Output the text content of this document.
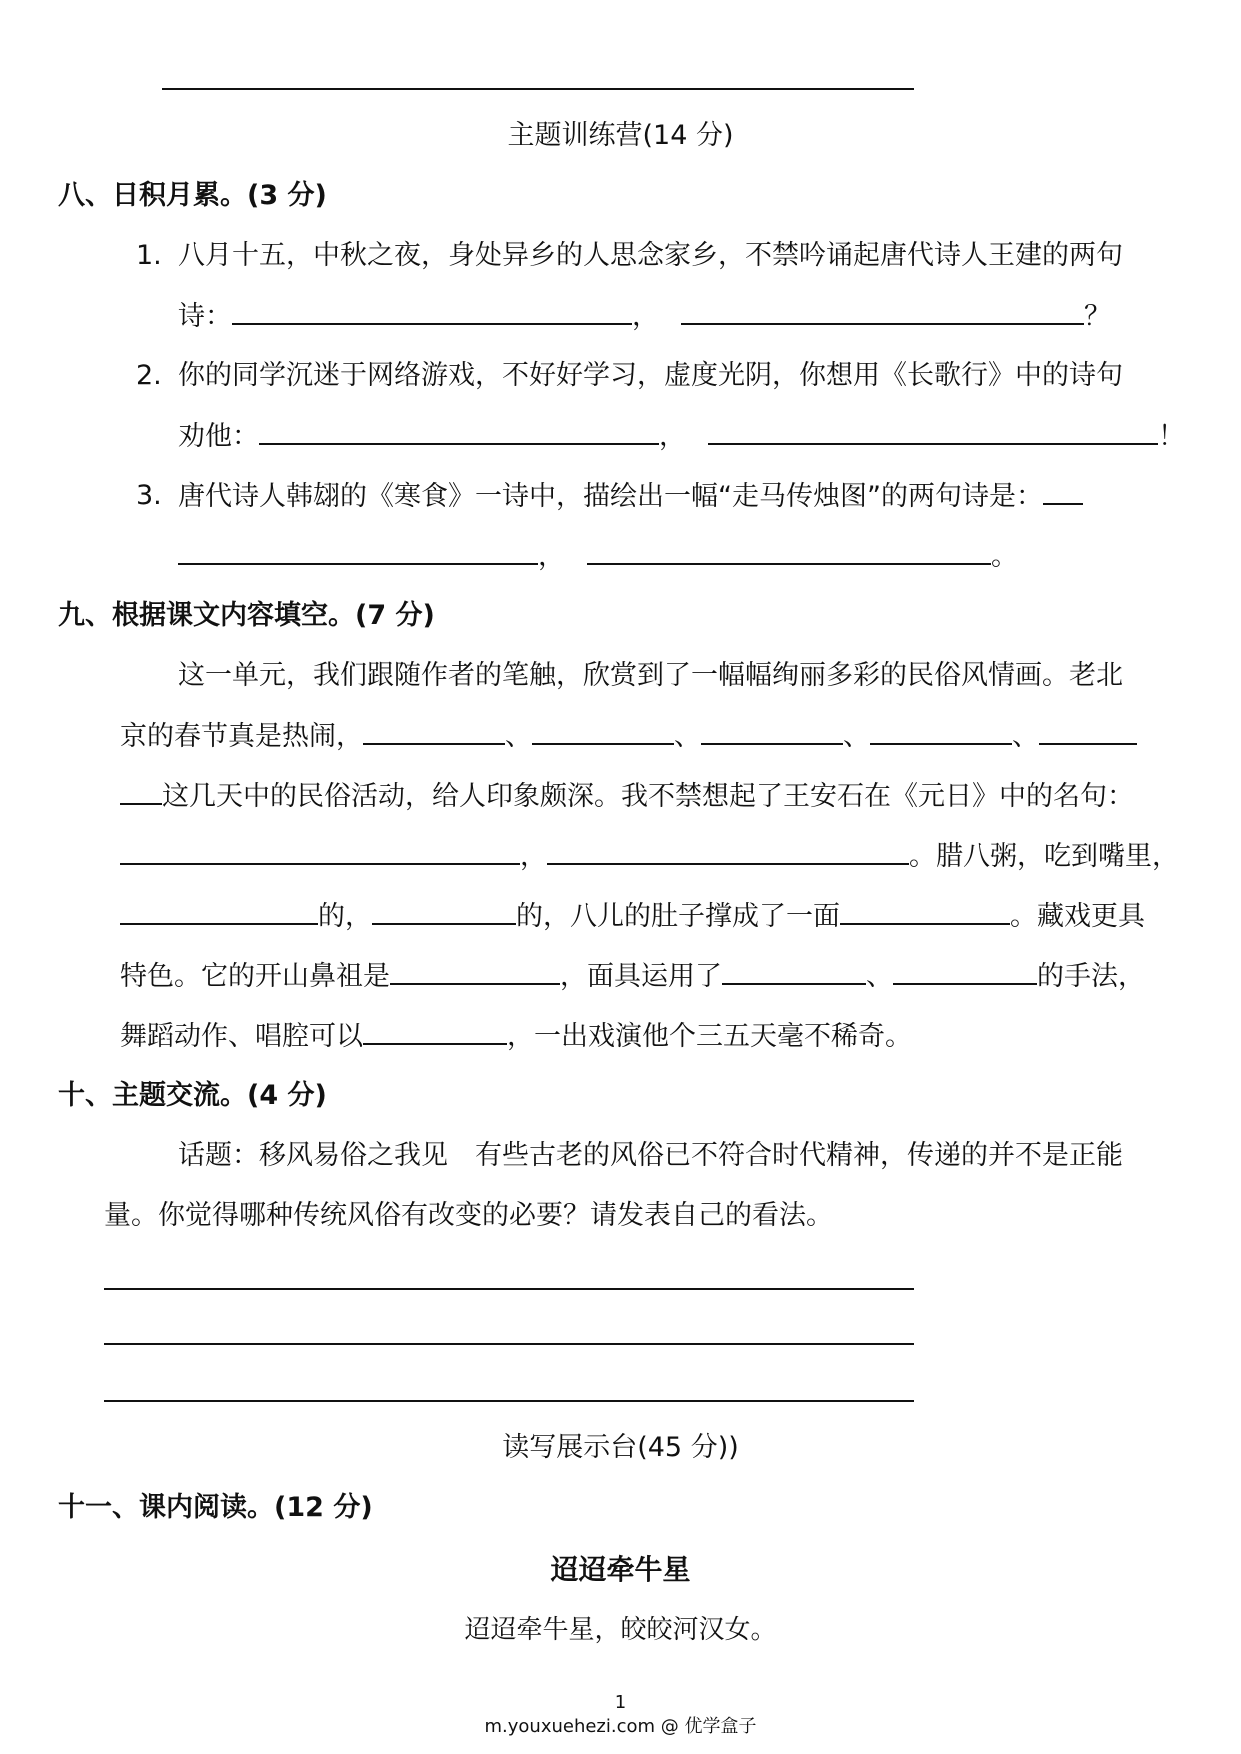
主题训练营(14 分)
八、日积月累。(3 分)
1. 八月十五，中秋之夜，身处异乡的人思念家乡，不禁吟诵起唐代诗人王建的两句
诗：	，	？
2. 你的同学沉迷于网络游戏，不好好学习，虚度光阴，你想用《长歌行》中的诗句
劝他：	，	！
3. 唐代诗人韩翃的《寒食》一诗中，描绘出一幅“走马传烛图”的两句诗是：
，	。
九、根据课文内容填空。(7 分)
这一单元，我们跟随作者的笔触，欣赏到了一幅幅绚丽多彩的民俗风情画。老北
京的春节真是热闹，	、	、	、	、
这几天中的民俗活动，给人印象颇深。我不禁想起了王安石在《元日》中的名句：
，	。腊八粥，吃到嘴里，
的，	的，八儿的肚子撑成了一面	。藏戏更具
特色。它的开山鼻祖是	，面具运用了	、	的手法，
舞蹈动作、唱腔可以	，一出戏演他个三五天毫不稀奇。
十、主题交流。(4 分)
话题：移风易俗之我见　有些古老的风俗已不符合时代精神，传递的并不是正能
量。你觉得哪种传统风俗有改变的必要？请发表自己的看法。
读写展示台(45 分))
十一、课内阅读。(12 分)
迢迢牵牛星
迢迢牵牛星，皎皎河汉女。
1
m.youxuehezi.com @ 优学盒子
